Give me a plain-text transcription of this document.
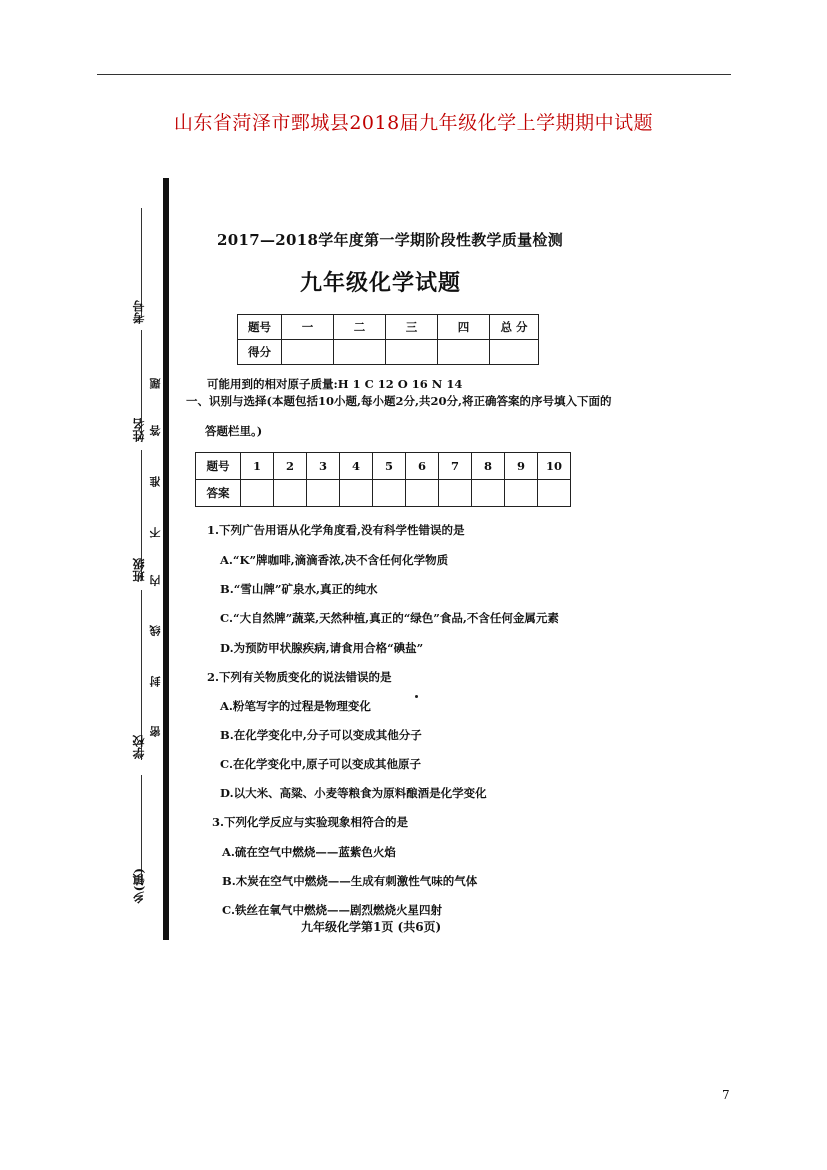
山东省菏泽市鄄城县2018届九年级化学上学期期中试题
考号
姓名
班级
学校
乡(镇)
题
答
准
不
内
线
封
密
2017—2018学年度第一学期阶段性教学质量检测
九年级化学试题
题号	一	二	三	四	总 分
得分					
可能用到的相对原子质量:H 1 C 12 O 16 N 14
一、识别与选择(本题包括10小题,每小题2分,共20分,将正确答案的序号填入下面的
答题栏里。)
题号	1	2	3	4	5	6	7	8	9	10
答案										
1.下列广告用语从化学角度看,没有科学性错误的是
A.“K”牌咖啡,滴滴香浓,决不含任何化学物质
B.“雪山牌”矿泉水,真正的纯水
C.“大自然牌”蔬菜,天然种植,真正的“绿色”食品,不含任何金属元素
D.为预防甲状腺疾病,请食用合格“碘盐”
2.下列有关物质变化的说法错误的是
A.粉笔写字的过程是物理变化
B.在化学变化中,分子可以变成其他分子
C.在化学变化中,原子可以变成其他原子
D.以大米、高粱、小麦等粮食为原料酿酒是化学变化
3.下列化学反应与实验现象相符合的是
A.硫在空气中燃烧——蓝紫色火焰
B.木炭在空气中燃烧——生成有刺激性气味的气体
C.铁丝在氧气中燃烧——剧烈燃烧火星四射
九年级化学第1页 (共6页)
7
